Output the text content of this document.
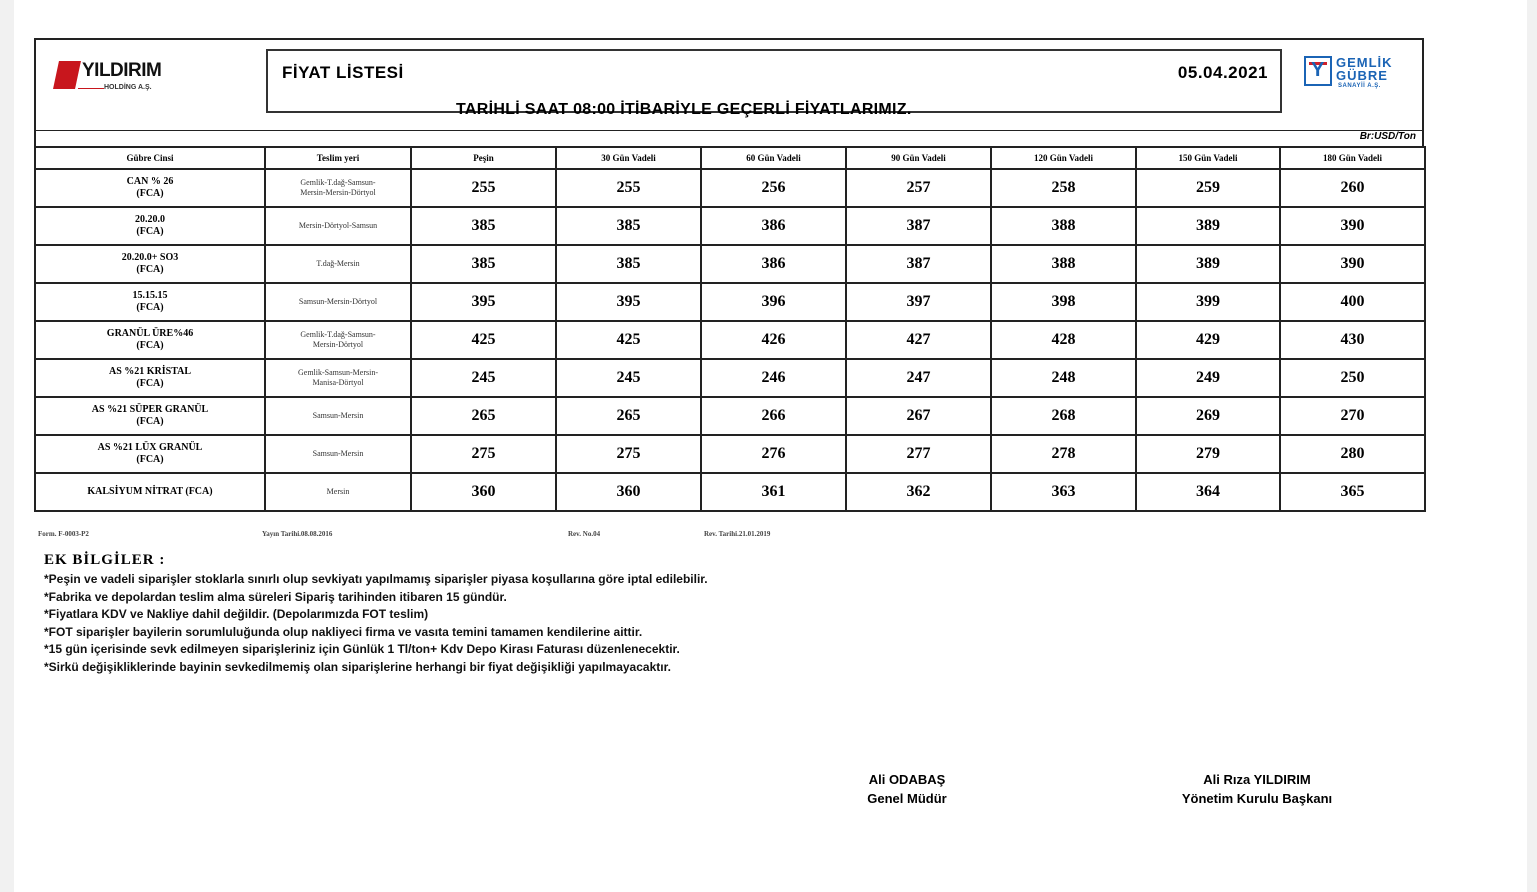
YILDIRIM
HOLDİNG A.Ş.
FİYAT LİSTESİ	05.04.2021
TARİHLİ SAAT 08:00 İTİBARİYLE GEÇERLİ FİYATLARIMIZ.
Y GEMLİK
GÜBRE
SANAYİİ A.Ş.
Br:USD/Ton
Gübre Cinsi	Teslim yeri	Peşin	30 Gün Vadeli	60 Gün Vadeli	90 Gün Vadeli	120 Gün Vadeli	150 Gün Vadeli	180 Gün Vadeli
CAN % 26
(FCA)	Gemlik-T.dağ-Samsun-
Mersin-Mersin-Dörtyol	255	255	256	257	258	259	260
20.20.0
(FCA)	Mersin-Dörtyol-Samsun	385	385	386	387	388	389	390
20.20.0+ SO3
(FCA)	T.dağ-Mersin	385	385	386	387	388	389	390
15.15.15
(FCA)	Samsun-Mersin-Dörtyol	395	395	396	397	398	399	400
GRANÜL ÜRE%46
(FCA)	Gemlik-T.dağ-Samsun-
Mersin-Dörtyol	425	425	426	427	428	429	430
AS %21 KRİSTAL
(FCA)	Gemlik-Samsun-Mersin-
Manisa-Dörtyol	245	245	246	247	248	249	250
AS %21 SÜPER GRANÜL
(FCA)	Samsun-Mersin	265	265	266	267	268	269	270
AS %21 LÜX GRANÜL
(FCA)	Samsun-Mersin	275	275	276	277	278	279	280
KALSİYUM NİTRAT (FCA)	Mersin	360	360	361	362	363	364	365
Form. F-0003-P2	Yayın Tarihi.08.08.2016	Rev. No.04	Rev. Tarihi.21.01.2019
EK BİLGİLER :
*Peşin ve vadeli siparişler stoklarla sınırlı olup sevkiyatı yapılmamış siparişler piyasa koşullarına göre iptal edilebilir.
*Fabrika ve depolardan teslim alma süreleri Sipariş tarihinden itibaren 15 gündür.
*Fiyatlara KDV ve Nakliye dahil değildir. (Depolarımızda FOT teslim)
*FOT siparişler bayilerin sorumluluğunda olup nakliyeci firma ve vasıta temini tamamen kendilerine aittir.
*15 gün içerisinde sevk edilmeyen siparişleriniz için Günlük 1 Tl/ton+ Kdv Depo Kirası Faturası düzenlenecektir.
*Sirkü değişikliklerinde bayinin sevkedilmemiş olan siparişlerine herhangi bir fiyat değişikliği yapılmayacaktır.
Ali ODABAŞ
Genel Müdür
Ali Rıza YILDIRIM
Yönetim Kurulu Başkanı
